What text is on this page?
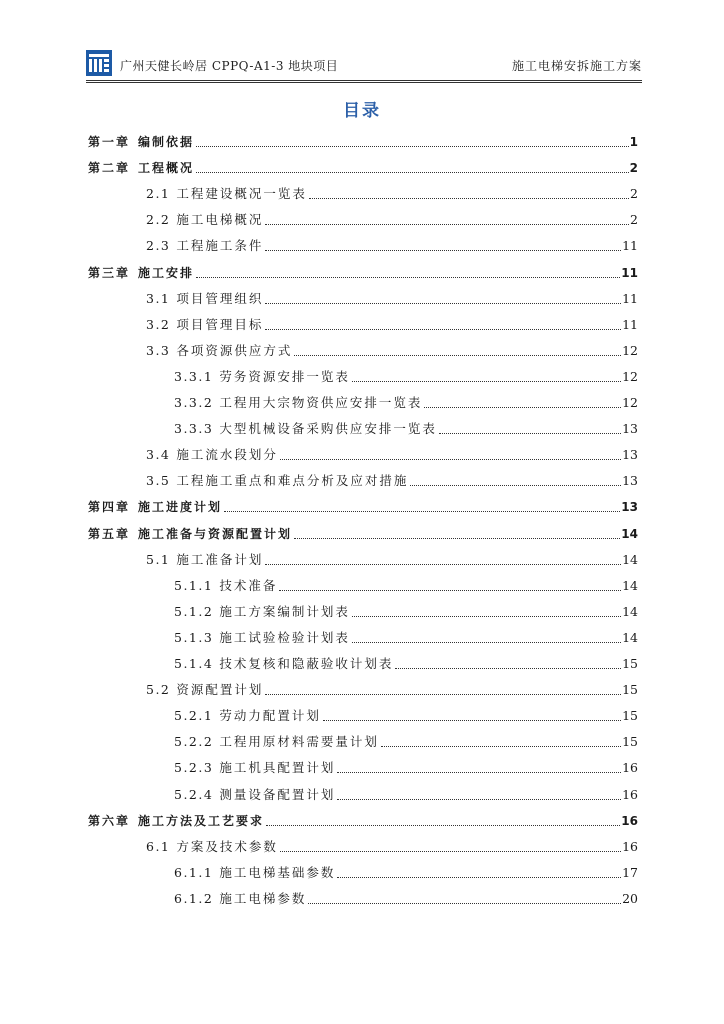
广州天健长岭居 CPPQ-A1-3 地块项目	施工电梯安拆施工方案
目录
第一章 编制依据	1
第二章 工程概况	2
2.1 工程建设概况一览表	2
2.2 施工电梯概况	2
2.3 工程施工条件	11
第三章 施工安排	11
3.1 项目管理组织	11
3.2 项目管理目标	11
3.3 各项资源供应方式	12
3.3.1 劳务资源安排一览表	12
3.3.2 工程用大宗物资供应安排一览表	12
3.3.3 大型机械设备采购供应安排一览表	13
3.4 施工流水段划分	13
3.5 工程施工重点和难点分析及应对措施	13
第四章 施工进度计划	13
第五章 施工准备与资源配置计划	14
5.1 施工准备计划	14
5.1.1 技术准备	14
5.1.2 施工方案编制计划表	14
5.1.3 施工试验检验计划表	14
5.1.4 技术复核和隐蔽验收计划表	15
5.2 资源配置计划	15
5.2.1 劳动力配置计划	15
5.2.2 工程用原材料需要量计划	15
5.2.3 施工机具配置计划	16
5.2.4 测量设备配置计划	16
第六章 施工方法及工艺要求	16
6.1 方案及技术参数	16
6.1.1 施工电梯基础参数	17
6.1.2 施工电梯参数	20
